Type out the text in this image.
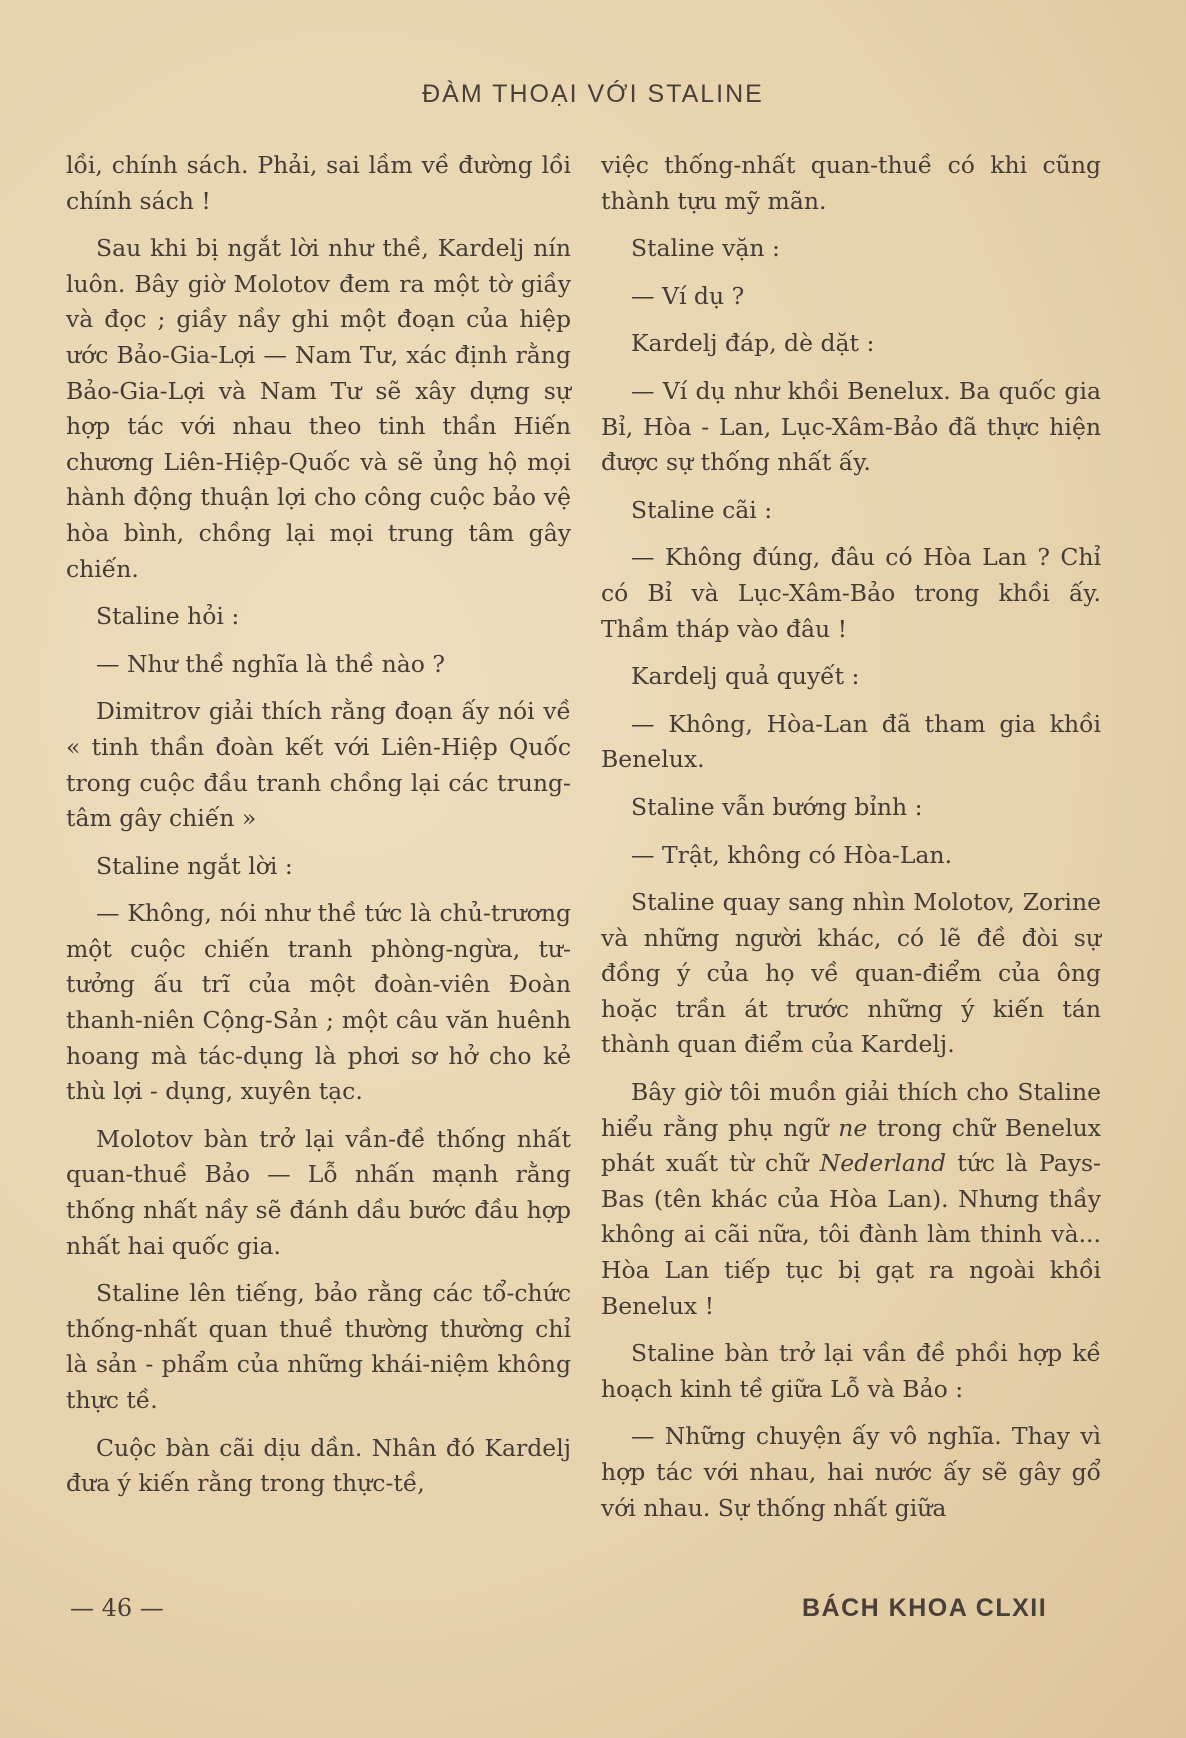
ĐÀM THOẠI VỚI STALINE

lồi, chính sách. Phải, sai lầm về đường lồi chính sách !

Sau khi bị ngắt lời như thề, Kardelj nín luôn. Bây giờ Molotov đem ra một tờ giầy và đọc ; giầy nầy ghi một đoạn của hiệp ước Bảo-Gia-Lợi — Nam Tư, xác định rằng Bảo-Gia-Lợi và Nam Tư sẽ xây dựng sự hợp tác với nhau theo tinh thần Hiến chương Liên-Hiệp-Quốc và sẽ ủng hộ mọi hành động thuận lợi cho công cuộc bảo vệ hòa bình, chồng lại mọi trung tâm gây chiến.

Staline hỏi :

— Như thề nghĩa là thề nào ?

Dimitrov giải thích rằng đoạn ấy nói về « tinh thần đoàn kết với Liên-Hiệp Quốc trong cuộc đầu tranh chồng lại các trung-tâm gây chiến »

Staline ngắt lời :

— Không, nói như thề tức là chủ-trương một cuộc chiến tranh phòng-ngừa, tư-tưởng ấu trĩ của một đoàn-viên Đoàn thanh-niên Cộng-Sản ; một câu văn huênh hoang mà tác-dụng là phơi sơ hở cho kẻ thù lợi - dụng, xuyên tạc.

Molotov bàn trở lại vần-đề thống nhất quan-thuề Bảo — Lỗ nhấn mạnh rằng thống nhất nầy sẽ đánh dầu bước đầu hợp nhất hai quốc gia.

Staline lên tiếng, bảo rằng các tổ-chức thống-nhất quan thuề thường thường chỉ là sản - phẩm của những khái-niệm không thực tề.

Cuộc bàn cãi dịu dần. Nhân đó Kardelj đưa ý kiến rằng trong thực-tề,

việc thống-nhất quan-thuề có khi cũng thành tựu mỹ mãn.

Staline vặn :

— Ví dụ ?

Kardelj đáp, dè dặt :

— Ví dụ như khồi Benelux. Ba quốc gia Bỉ, Hòa - Lan, Lục-Xâm-Bảo đã thực hiện được sự thống nhất ấy.

Staline cãi :

— Không đúng, đâu có Hòa Lan ? Chỉ có Bỉ và Lục-Xâm-Bảo trong khồi ấy. Thầm tháp vào đâu !

Kardelj quả quyết :

— Không, Hòa-Lan đã tham gia khồi Benelux.

Staline vẫn bướng bỉnh :

— Trật, không có Hòa-Lan.

Staline quay sang nhìn Molotov, Zorine và những người khác, có lẽ đề đòi sự đồng ý của họ về quan-điểm của ông hoặc trần át trước những ý kiến tán thành quan điểm của Kardelj.

Bây giờ tôi muồn giải thích cho Staline hiểu rằng phụ ngữ ne trong chữ Benelux phát xuất từ chữ Nederland tức là Pays-Bas (tên khác của Hòa Lan). Nhưng thầy không ai cãi nữa, tôi đành làm thinh và... Hòa Lan tiếp tục bị gạt ra ngoài khồi Benelux !

Staline bàn trở lại vần đề phồi hợp kề hoạch kinh tề giữa Lỗ và Bảo :

— Những chuyện ấy vô nghĩa. Thay vì hợp tác với nhau, hai nước ấy sẽ gây gổ với nhau. Sự thống nhất giữa

— 46 —	BÁCH KHOA CLXII
